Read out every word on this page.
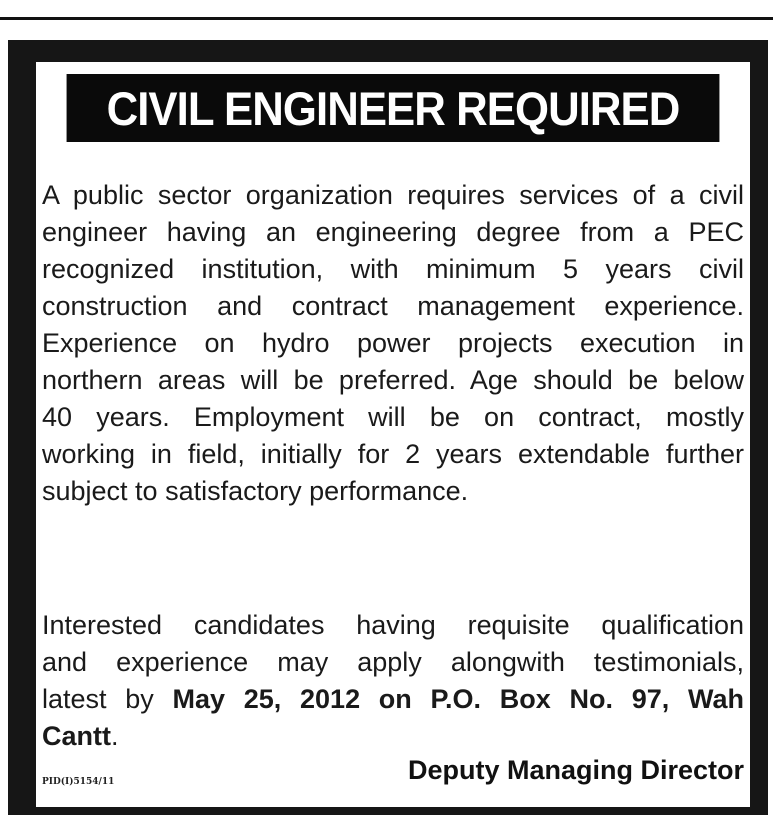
CIVIL ENGINEER REQUIRED
A public sector organization requires services of a civil
engineer having an engineering degree from a PEC
recognized institution, with minimum 5 years civil
construction and contract management experience.
Experience on hydro power projects execution in
northern areas will be preferred. Age should be below
40 years. Employment will be on contract, mostly
working in field, initially for 2 years extendable further
subject to satisfactory performance.
Interested candidates having requisite qualification
and experience may apply alongwith testimonials,
latest by May 25, 2012 on P.O. Box No. 97, Wah
Cantt.
Deputy Managing Director
PID(I)5154/11
